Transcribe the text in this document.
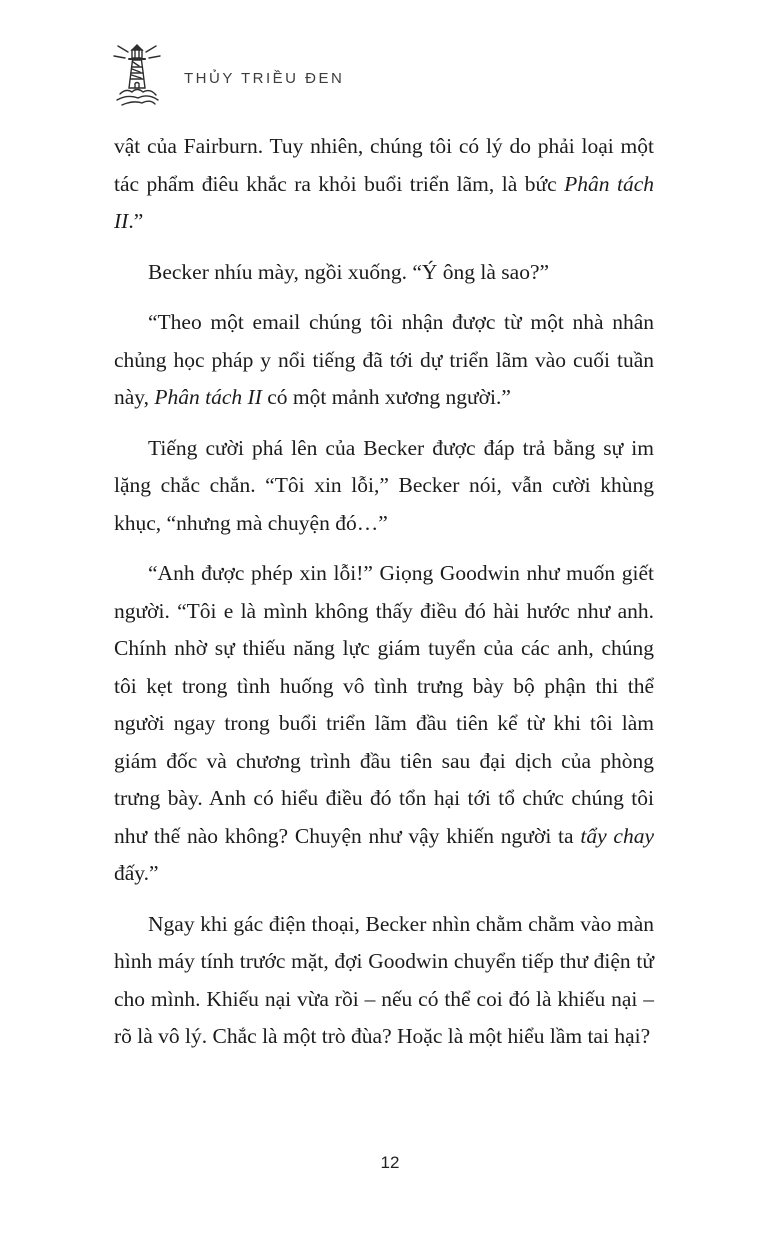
THỦY TRIỀU ĐEN

vật của Fairburn. Tuy nhiên, chúng tôi có lý do phải loại một tác phẩm điêu khắc ra khỏi buổi triển lãm, là bức Phân tách II.”

Becker nhíu mày, ngồi xuống. “Ý ông là sao?”

“Theo một email chúng tôi nhận được từ một nhà nhân chủng học pháp y nổi tiếng đã tới dự triển lãm vào cuối tuần này, Phân tách II có một mảnh xương người.”

Tiếng cười phá lên của Becker được đáp trả bằng sự im lặng chắc chắn. “Tôi xin lỗi,” Becker nói, vẫn cười khùng khục, “nhưng mà chuyện đó…”

“Anh được phép xin lỗi!” Giọng Goodwin như muốn giết người. “Tôi e là mình không thấy điều đó hài hước như anh. Chính nhờ sự thiếu năng lực giám tuyển của các anh, chúng tôi kẹt trong tình huống vô tình trưng bày bộ phận thi thể người ngay trong buổi triển lãm đầu tiên kể từ khi tôi làm giám đốc và chương trình đầu tiên sau đại dịch của phòng trưng bày. Anh có hiểu điều đó tổn hại tới tổ chức chúng tôi như thế nào không? Chuyện như vậy khiến người ta tẩy chay đấy.”

Ngay khi gác điện thoại, Becker nhìn chằm chằm vào màn hình máy tính trước mặt, đợi Goodwin chuyển tiếp thư điện tử cho mình. Khiếu nại vừa rồi – nếu có thể coi đó là khiếu nại – rõ là vô lý. Chắc là một trò đùa? Hoặc là một hiểu lầm tai hại?

12
